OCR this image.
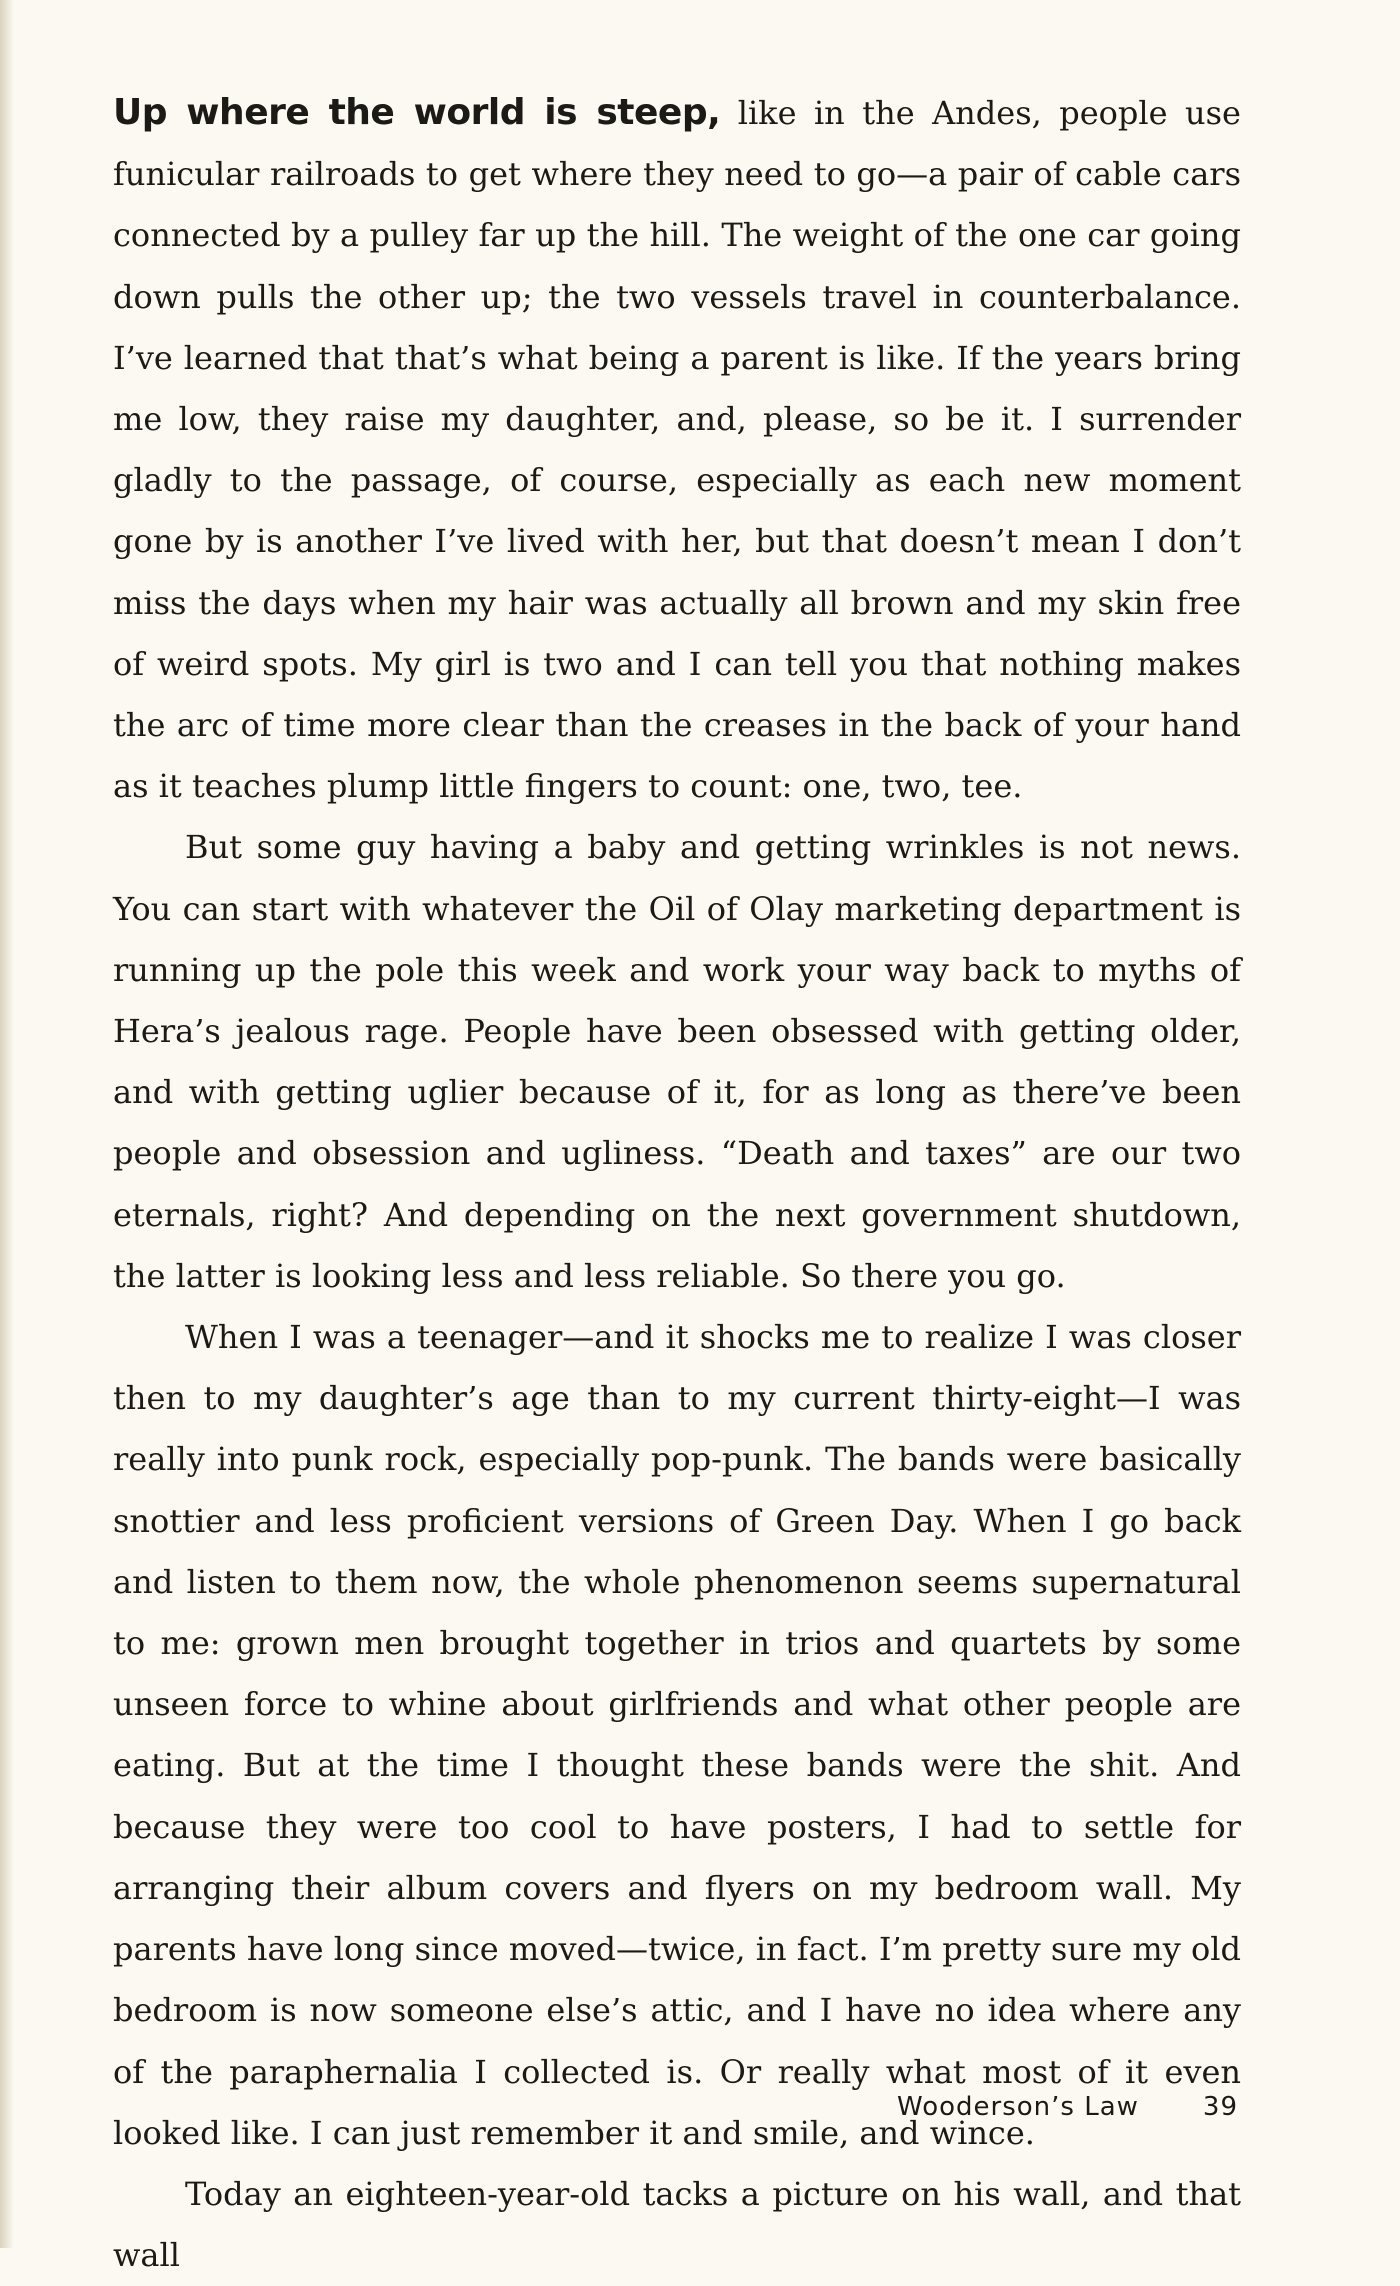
Up where the world is steep, like in the Andes, people use funicular railroads to get where they need to go—a pair of cable cars connected by a pulley far up the hill. The weight of the one car going down pulls the other up; the two vessels travel in counterbalance. I’ve learned that that’s what being a parent is like. If the years bring me low, they raise my daughter, and, please, so be it. I surrender gladly to the passage, of course, especially as each new moment gone by is another I’ve lived with her, but that doesn’t mean I don’t miss the days when my hair was actually all brown and my skin free of weird spots. My girl is two and I can tell you that nothing makes the arc of time more clear than the creases in the back of your hand as it teaches plump little fingers to count: one, two, tee.

But some guy having a baby and getting wrinkles is not news. You can start with whatever the Oil of Olay marketing department is running up the pole this week and work your way back to myths of Hera’s jealous rage. People have been obsessed with getting older, and with getting uglier because of it, for as long as there’ve been people and obsession and ugliness. “Death and taxes” are our two eternals, right? And depending on the next government shutdown, the latter is looking less and less reliable. So there you go.

When I was a teenager—and it shocks me to realize I was closer then to my daughter’s age than to my current thirty-eight—I was really into punk rock, especially pop-punk. The bands were basically snottier and less proficient versions of Green Day. When I go back and listen to them now, the whole phenomenon seems supernatural to me: grown men brought together in trios and quartets by some unseen force to whine about girlfriends and what other people are eating. But at the time I thought these bands were the shit. And because they were too cool to have posters, I had to settle for arranging their album covers and flyers on my bedroom wall. My parents have long since moved—twice, in fact. I’m pretty sure my old bedroom is now someone else’s attic, and I have no idea where any of the paraphernalia I collected is. Or really what most of it even looked like. I can just remember it and smile, and wince.

Today an eighteen-year-old tacks a picture on his wall, and that wall

Wooderson’s Law 39
